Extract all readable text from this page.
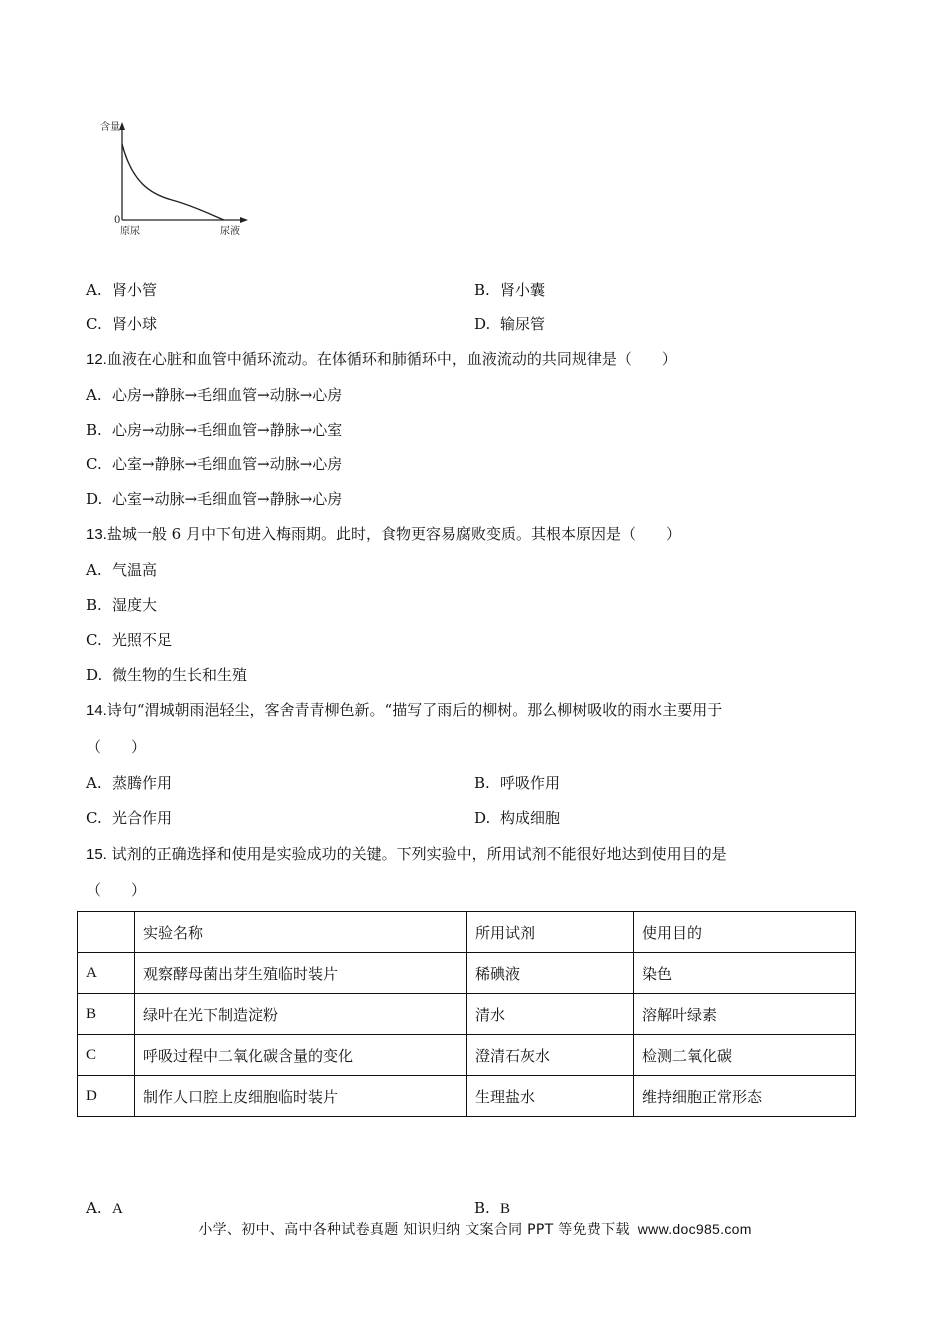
含量
0
原尿	尿液
A. 肾小管	B. 肾小囊
C. 肾小球	D. 输尿管
12.血液在心脏和血管中循环流动。在体循环和肺循环中，血液流动的共同规律是（　　）
A. 心房→静脉→毛细血管→动脉→心房
B. 心房→动脉→毛细血管→静脉→心室
C. 心室→静脉→毛细血管→动脉→心房
D. 心室→动脉→毛细血管→静脉→心房
13.盐城一般 6 月中下旬进入梅雨期。此时，食物更容易腐败变质。其根本原因是（　　）
A. 气温高
B. 湿度大
C. 光照不足
D. 微生物的生长和生殖
14.诗句“渭城朝雨浥轻尘，客舍青青柳色新。“描写了雨后的柳树。那么柳树吸收的雨水主要用于
（　　）
A. 蒸腾作用	B. 呼吸作用
C. 光合作用	D. 构成细胞
15. 试剂的正确选择和使用是实验成功的关键。下列实验中，所用试剂不能很好地达到使用目的是
（　　）
	实验名称	所用试剂	使用目的
A	观察酵母菌出芽生殖临时装片	稀碘液	染色
B	绿叶在光下制造淀粉	清水	溶解叶绿素
C	呼吸过程中二氧化碳含量的变化	澄清石灰水	检测二氧化碳
D	制作人口腔上皮细胞临时装片	生理盐水	维持细胞正常形态
A. A	B. B
小学、初中、高中各种试卷真题 知识归纳 文案合同 PPT 等免费下载 www.doc985.com
